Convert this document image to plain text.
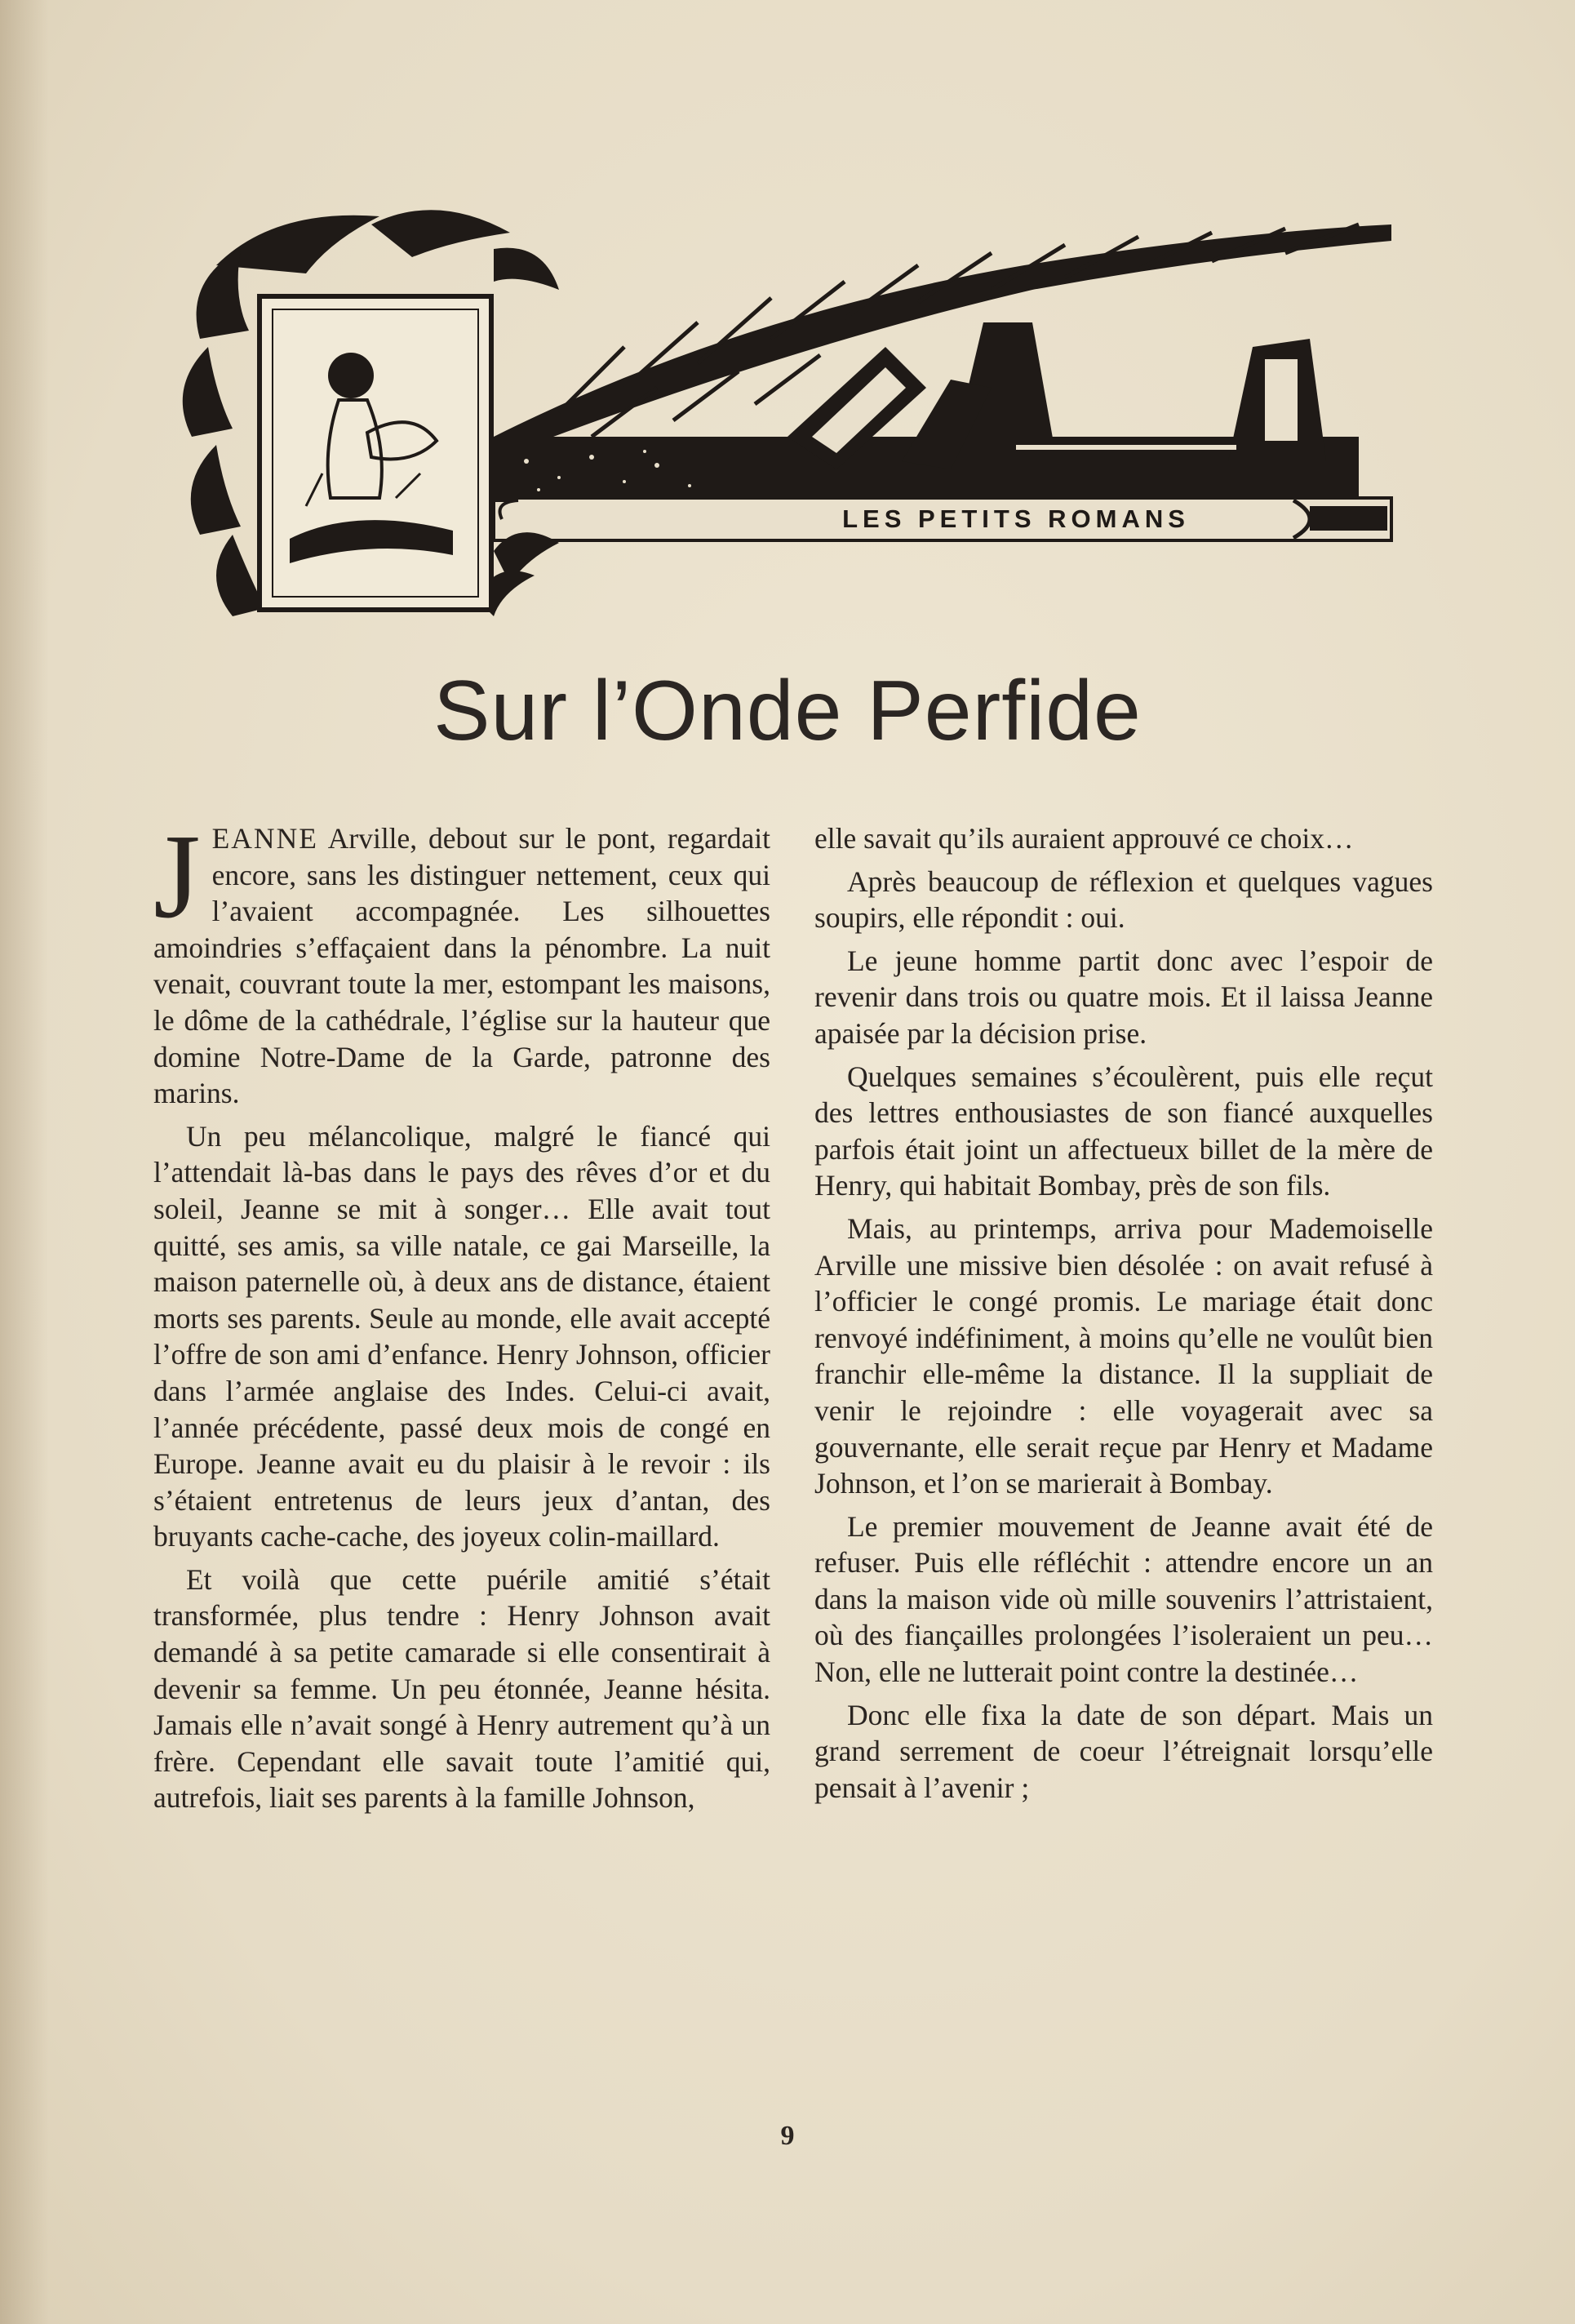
LES PETITS ROMANS
Sur l’Onde Perfide

JEANNE Arville, debout sur le pont, regardait encore, sans les distinguer nettement, ceux qui l’avaient accompagnée. Les silhouettes amoindries s’effaçaient dans la pénombre. La nuit venait, couvrant toute la mer, estompant les maisons, le dôme de la cathédrale, l’église sur la hauteur que domine Notre-Dame de la Garde, patronne des marins.

Un peu mélancolique, malgré le fiancé qui l’attendait là-bas dans le pays des rêves d’or et du soleil, Jeanne se mit à songer… Elle avait tout quitté, ses amis, sa ville natale, ce gai Marseille, la maison paternelle où, à deux ans de distance, étaient morts ses parents. Seule au monde, elle avait accepté l’offre de son ami d’enfance. Henry Johnson, officier dans l’armée anglaise des Indes. Celui-ci avait, l’année précédente, passé deux mois de congé en Europe. Jeanne avait eu du plaisir à le revoir : ils s’étaient entretenus de leurs jeux d’antan, des bruyants cache-cache, des joyeux colin-maillard.

Et voilà que cette puérile amitié s’était transformée, plus tendre : Henry Johnson avait demandé à sa petite camarade si elle consentirait à devenir sa femme. Un peu étonnée, Jeanne hésita. Jamais elle n’avait songé à Henry autrement qu’à un frère. Cependant elle savait toute l’amitié qui, autrefois, liait ses parents à la famille Johnson,

elle savait qu’ils auraient approuvé ce choix…

Après beaucoup de réflexion et quelques vagues soupirs, elle répondit : oui.

Le jeune homme partit donc avec l’espoir de revenir dans trois ou quatre mois. Et il laissa Jeanne apaisée par la décision prise.

Quelques semaines s’écoulèrent, puis elle reçut des lettres enthousiastes de son fiancé auxquelles parfois était joint un affectueux billet de la mère de Henry, qui habitait Bombay, près de son fils.

Mais, au printemps, arriva pour Mademoiselle Arville une missive bien désolée : on avait refusé à l’officier le congé promis. Le mariage était donc renvoyé indéfiniment, à moins qu’elle ne voulût bien franchir elle-même la distance. Il la suppliait de venir le rejoindre : elle voyagerait avec sa gouvernante, elle serait reçue par Henry et Madame Johnson, et l’on se marierait à Bombay.

Le premier mouvement de Jeanne avait été de refuser. Puis elle réfléchit : attendre encore un an dans la maison vide où mille souvenirs l’attristaient, où des fiançailles prolongées l’isoleraient un peu… Non, elle ne lutterait point contre la destinée…

Donc elle fixa la date de son départ. Mais un grand serrement de coeur l’étreignait lorsqu’elle pensait à l’avenir ;

9
